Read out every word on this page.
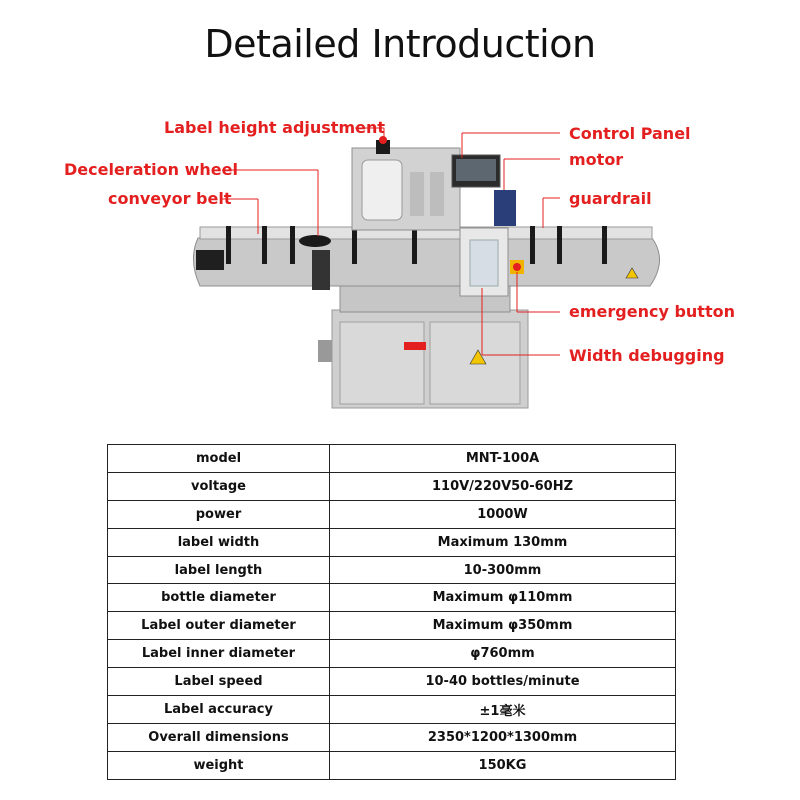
Detailed Introduction
Label height adjustment
Deceleration wheel
conveyor belt
Control Panel
motor
guardrail
emergency button
Width debugging
model	MNT-100A
voltage	110V/220V50-60HZ
power	1000W
label width	Maximum 130mm
label length	10-300mm
bottle diameter	Maximum φ110mm
Label outer diameter	Maximum φ350mm
Label inner diameter	φ760mm
Label speed	10-40 bottles/minute
Label accuracy	±1毫米
Overall dimensions	2350*1200*1300mm
weight	150KG
